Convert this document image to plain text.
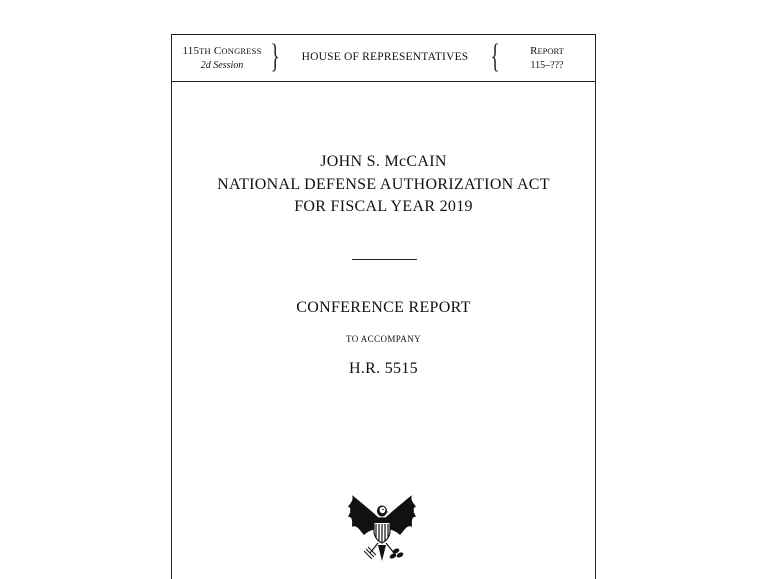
115TH CONGRESS
2d Session }	HOUSE OF REPRESENTATIVES {	REPORT
115–???
JOHN S. McCAIN
NATIONAL DEFENSE AUTHORIZATION ACT
FOR FISCAL YEAR 2019
CONFERENCE REPORT
TO ACCOMPANY
H.R. 5515
